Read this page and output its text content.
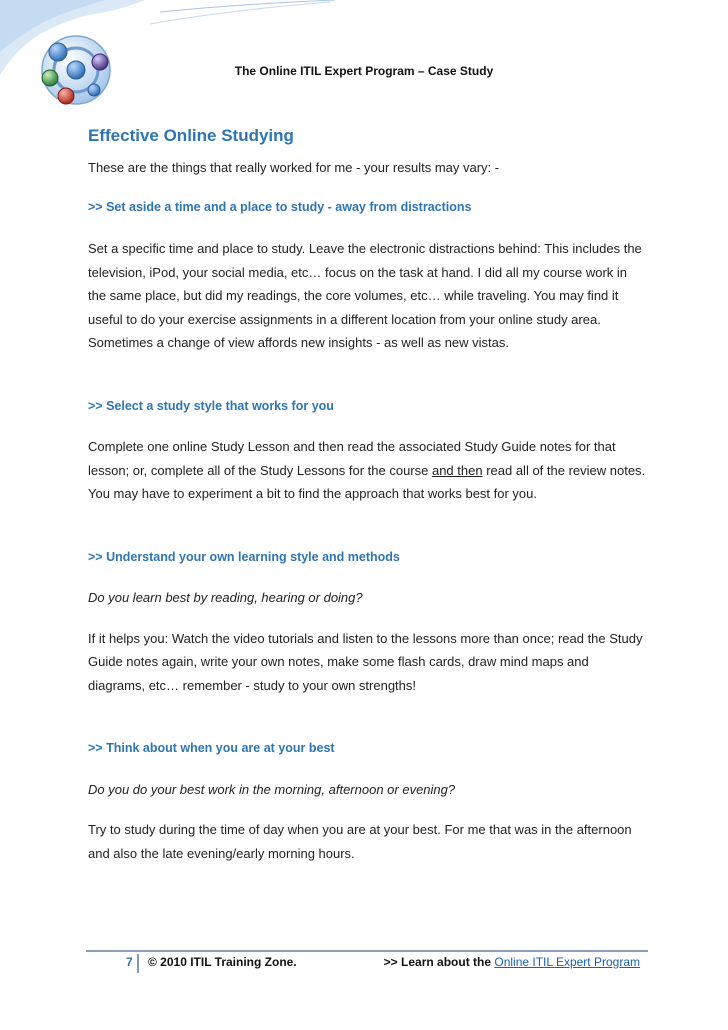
The Online ITIL Expert Program – Case Study
Effective Online Studying

These are the things that really worked for me - your results may vary: -

>> Set aside a time and a place to study - away from distractions

Set a specific time and place to study. Leave the electronic distractions behind: This includes the television, iPod, your social media, etc… focus on the task at hand. I did all my course work in the same place, but did my readings, the core volumes, etc… while traveling. You may find it useful to do your exercise assignments in a different location from your online study area. Sometimes a change of view affords new insights - as well as new vistas.

>> Select a study style that works for you

Complete one online Study Lesson and then read the associated Study Guide notes for that lesson; or, complete all of the Study Lessons for the course and then read all of the review notes. You may have to experiment a bit to find the approach that works best for you.

>> Understand your own learning style and methods

Do you learn best by reading, hearing or doing?

If it helps you: Watch the video tutorials and listen to the lessons more than once; read the Study Guide notes again, write your own notes, make some flash cards, draw mind maps and diagrams, etc… remember - study to your own strengths!

>> Think about when you are at your best

Do you do your best work in the morning, afternoon or evening?

Try to study during the time of day when you are at your best. For me that was in the afternoon and also the late evening/early morning hours.

7 © 2010 ITIL Training Zone.	>> Learn about the Online ITIL Expert Program
